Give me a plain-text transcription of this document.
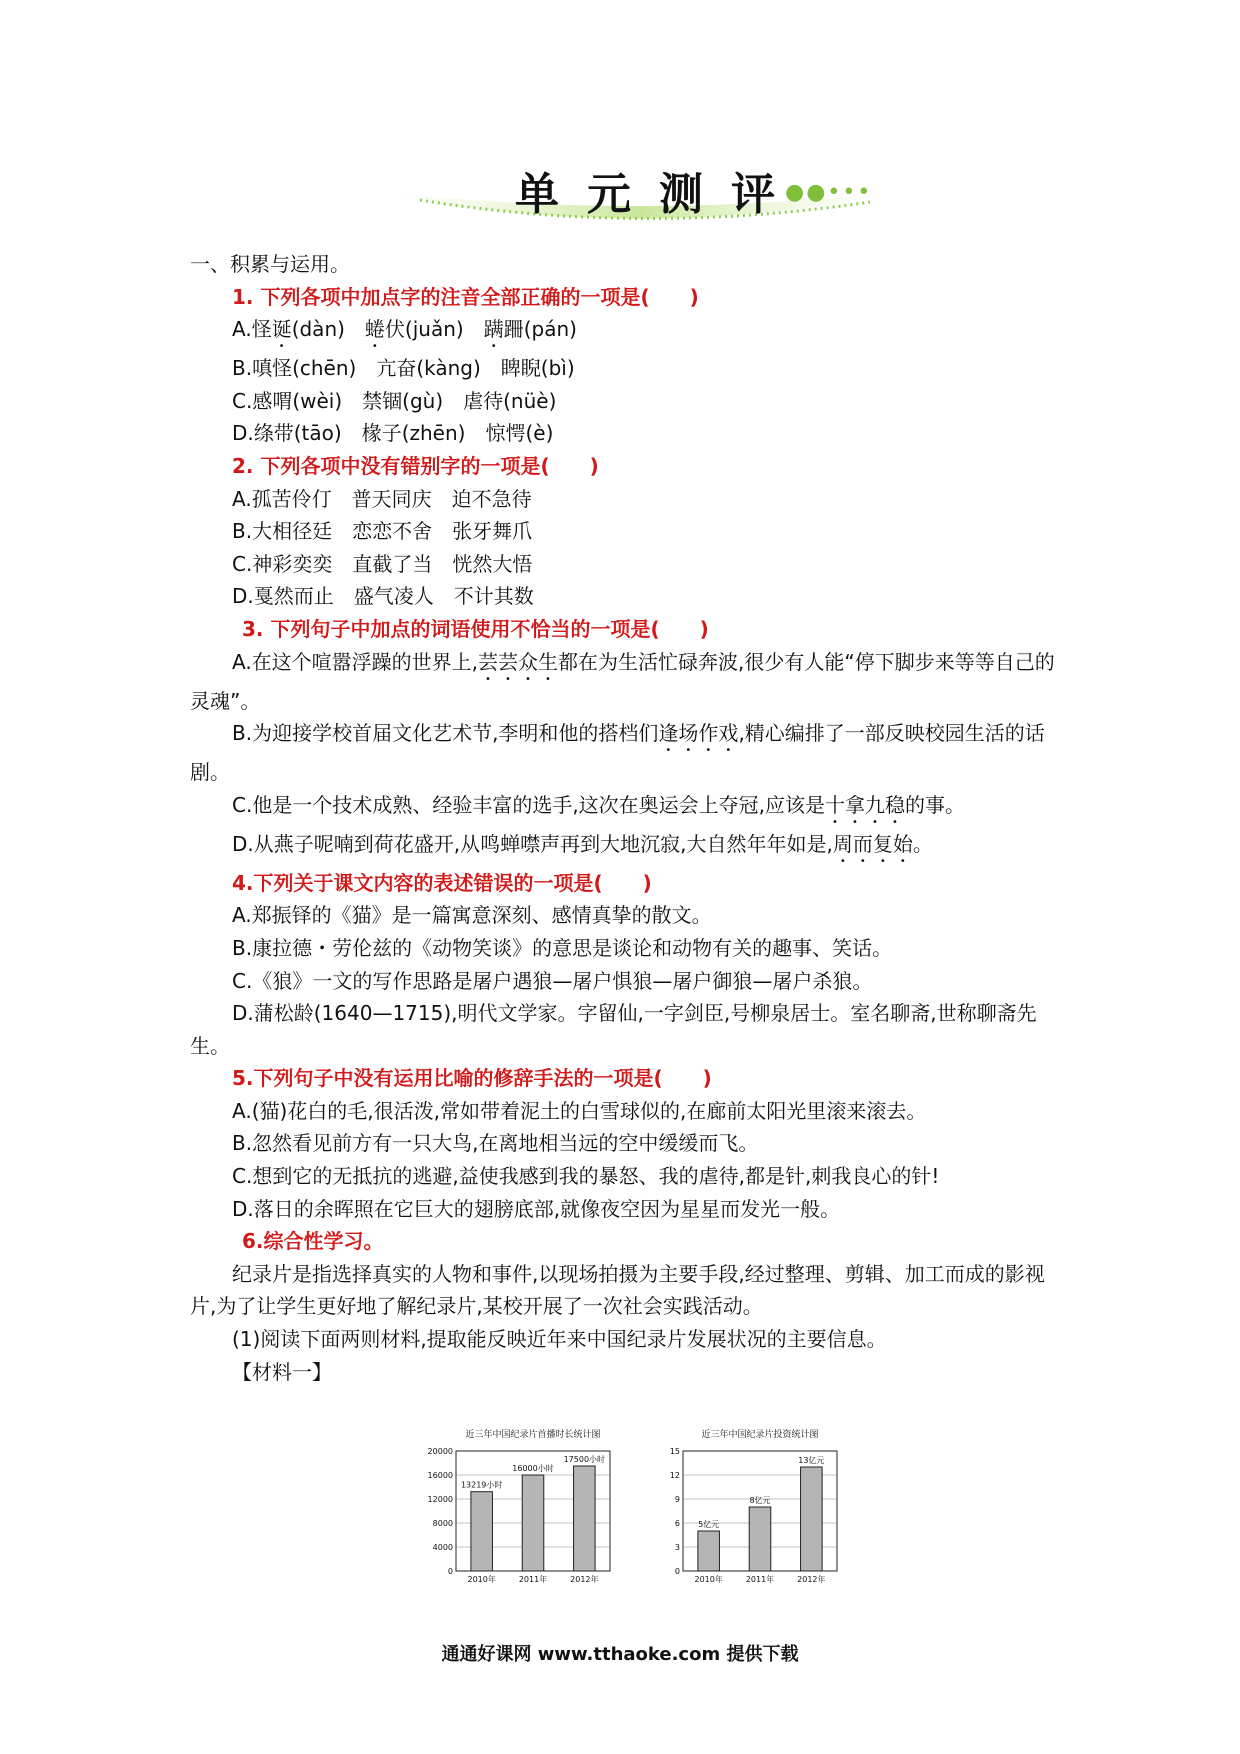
单元测评
●●•••

一、积累与运用。

1. 下列各项中加点字的注音全部正确的一项是(　　)

A.怪诞(dàn)　蜷伏(juǎn)　蹒跚(pán)

B.嗔怪(chēn)　亢奋(kàng)　睥睨(bì)

C.感喟(wèi)　禁锢(gù)　虐待(nüè)

D.绦带(tāo)　椽子(zhēn)　惊愕(è)

2. 下列各项中没有错别字的一项是(　　)

A.孤苦伶仃　普天同庆　迫不急待

B.大相径廷　恋恋不舍　张牙舞爪

C.神彩奕奕　直截了当　恍然大悟

D.戛然而止　盛气凌人　不计其数

3. 下列句子中加点的词语使用不恰当的一项是(　　)

A.在这个喧嚣浮躁的世界上,芸芸众生都在为生活忙碌奔波,很少有人能“停下脚步来等等自己的灵魂”。

B.为迎接学校首届文化艺术节,李明和他的搭档们逢场作戏,精心编排了一部反映校园生活的话剧。

C.他是一个技术成熟、经验丰富的选手,这次在奥运会上夺冠,应该是十拿九稳的事。

D.从燕子呢喃到荷花盛开,从鸣蝉噤声再到大地沉寂,大自然年年如是,周而复始。

4.下列关于课文内容的表述错误的一项是(　　)

A.郑振铎的《猫》是一篇寓意深刻、感情真挚的散文。

B.康拉德・劳伦兹的《动物笑谈》的意思是谈论和动物有关的趣事、笑话。

C.《狼》一文的写作思路是屠户遇狼—屠户惧狼—屠户御狼—屠户杀狼。

D.蒲松龄(1640—1715),明代文学家。字留仙,一字剑臣,号柳泉居士。室名聊斋,世称聊斋先生。

5.下列句子中没有运用比喻的修辞手法的一项是(　　)

A.(猫)花白的毛,很活泼,常如带着泥土的白雪球似的,在廊前太阳光里滚来滚去。

B.忽然看见前方有一只大鸟,在离地相当远的空中缓缓而飞。

C.想到它的无抵抗的逃避,益使我感到我的暴怒、我的虐待,都是针,刺我良心的针!

D.落日的余晖照在它巨大的翅膀底部,就像夜空因为星星而发光一般。

6.综合性学习。

纪录片是指选择真实的人物和事件,以现场拍摄为主要手段,经过整理、剪辑、加工而成的影视片,为了让学生更好地了解纪录片,某校开展了一次社会实践活动。

(1)阅读下面两则材料,提取能反映近年来中国纪录片发展状况的主要信息。

【材料一】

近三年中国纪录片首播时长统计图
0
4000
8000
12000
16000
20000
13219小时
2010年
16000小时
2011年
17500小时
2012年
近三年中国纪录片投资统计图
0
3
6
9
12
15
5亿元
2010年
8亿元
2011年
13亿元
2012年
通通好课网 www.tthaoke.com 提供下载
